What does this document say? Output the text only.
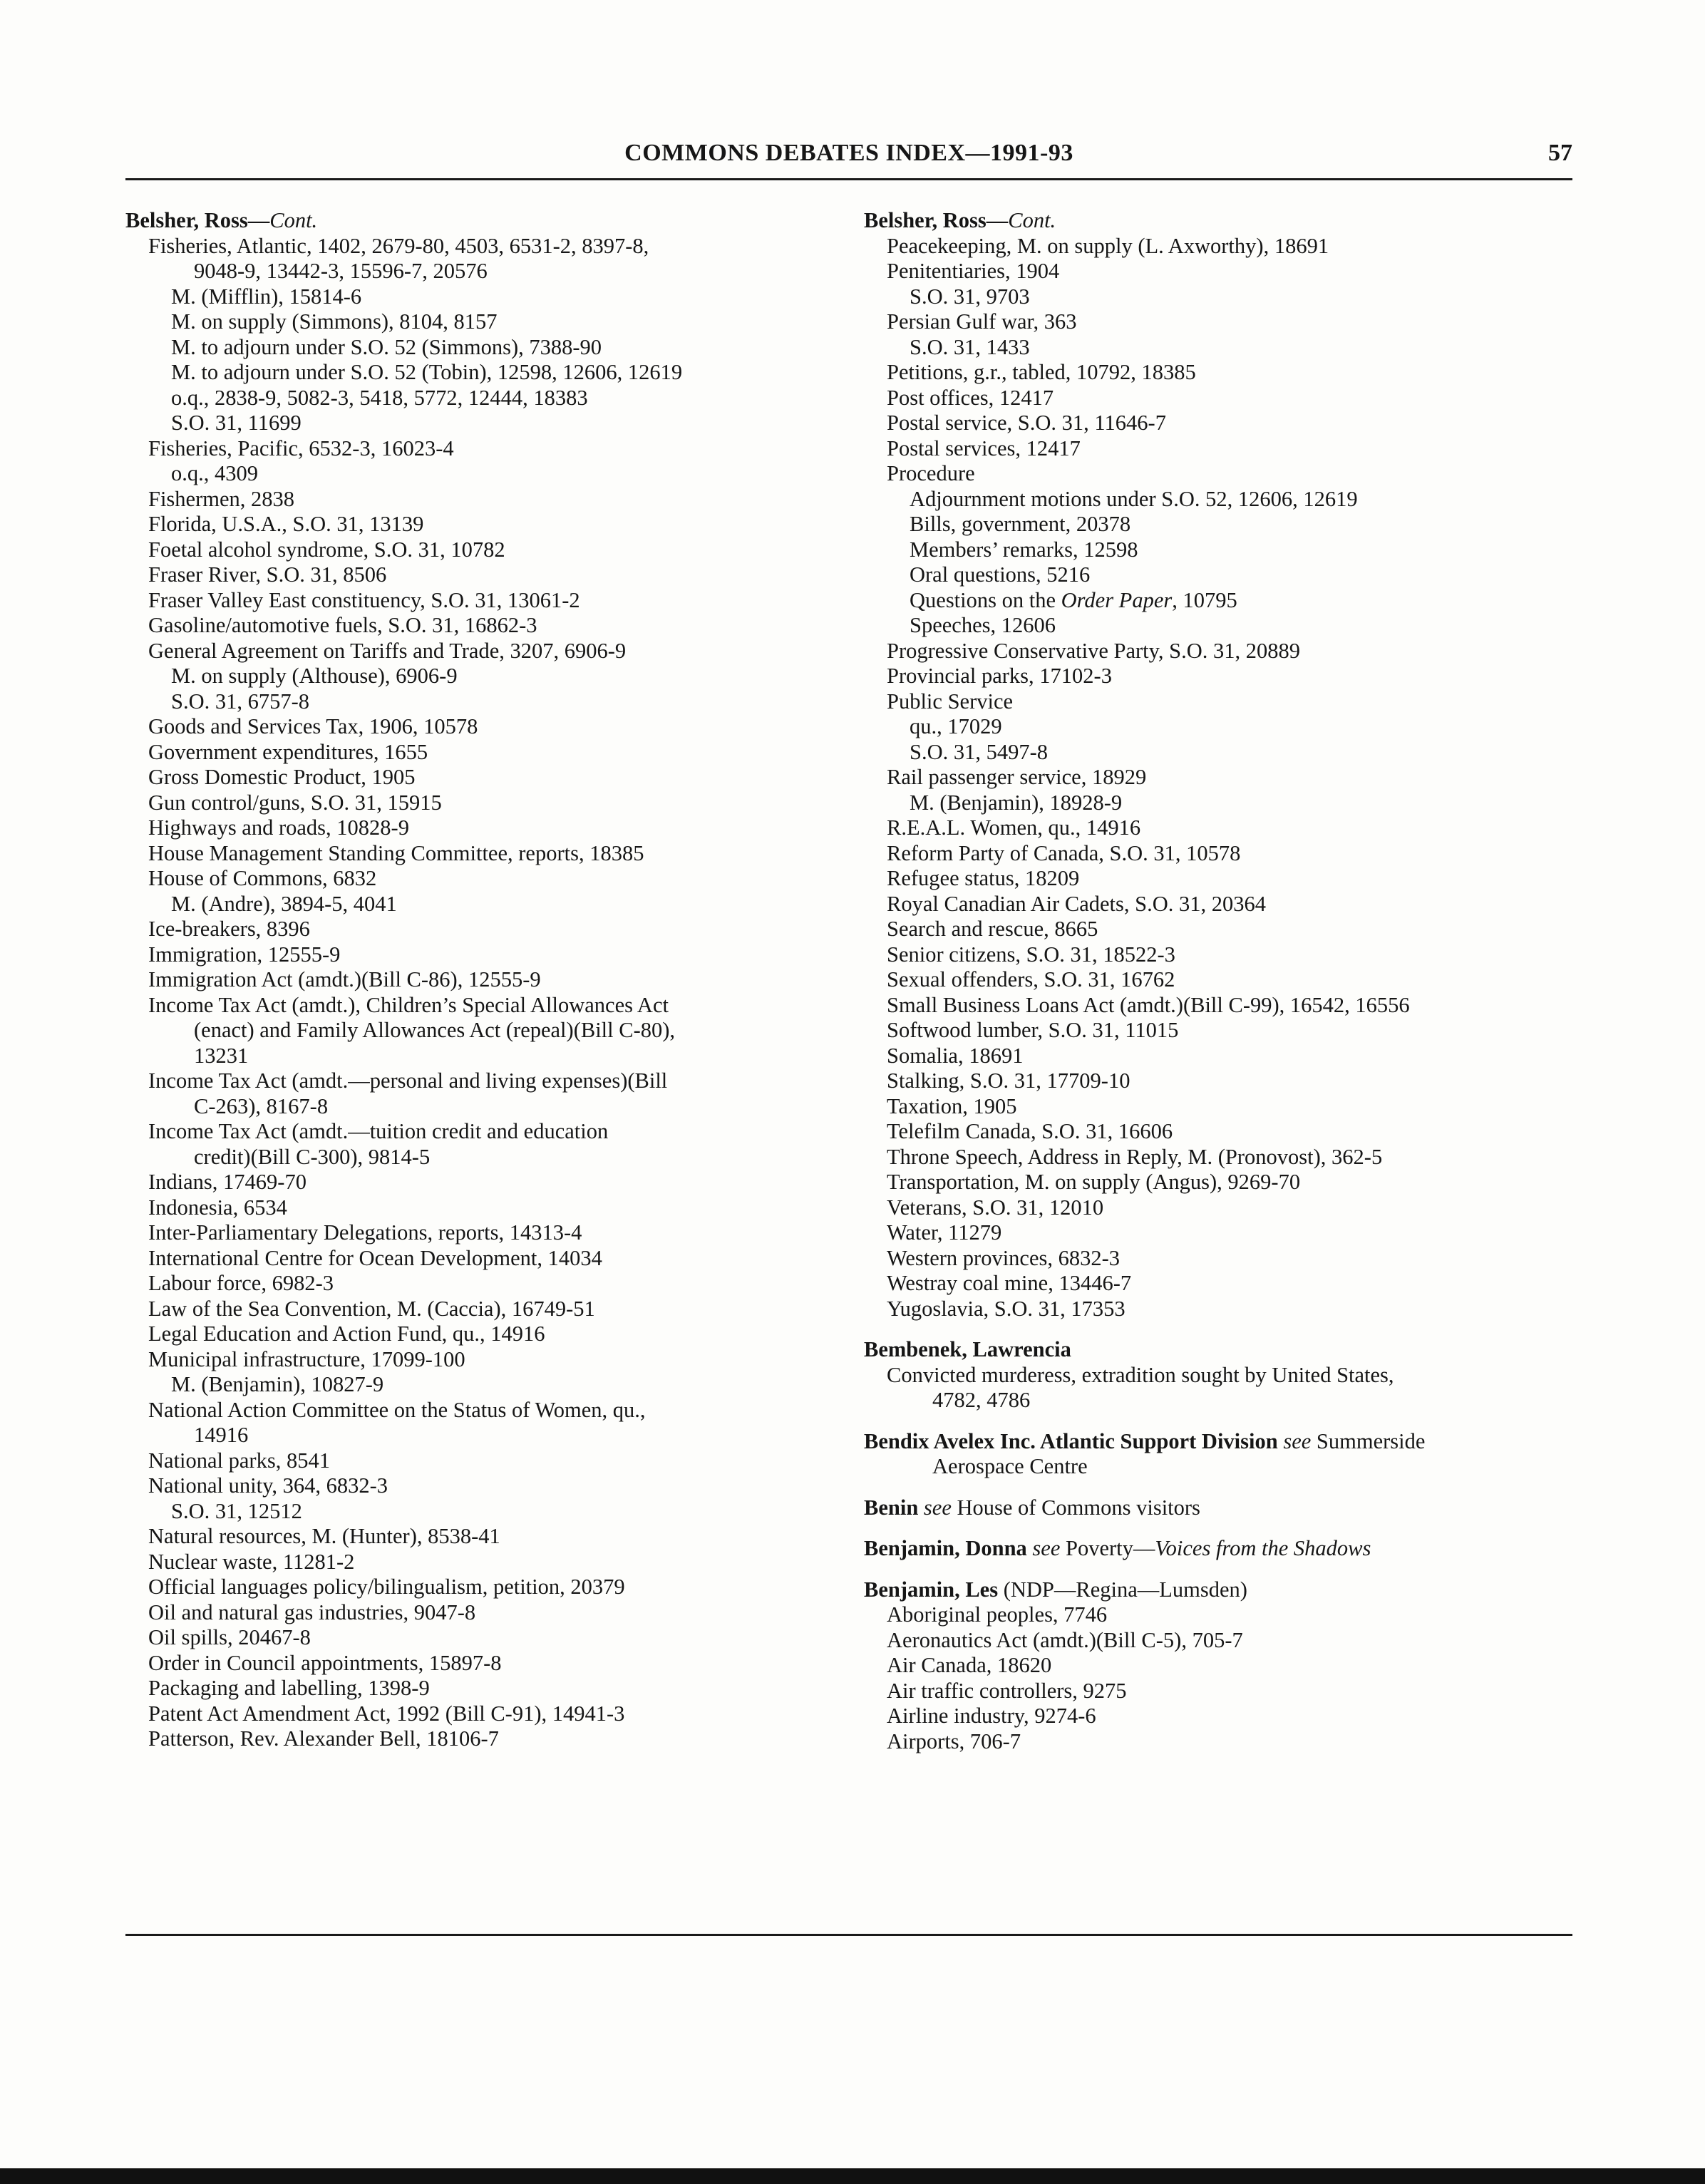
COMMONS DEBATES INDEX—1991-93	57
Belsher, Ross—Cont.
Fisheries, Atlantic, 1402, 2679-80, 4503, 6531-2, 8397-8,
9048-9, 13442-3, 15596-7, 20576
M. (Mifflin), 15814-6
M. on supply (Simmons), 8104, 8157
M. to adjourn under S.O. 52 (Simmons), 7388-90
M. to adjourn under S.O. 52 (Tobin), 12598, 12606, 12619
o.q., 2838-9, 5082-3, 5418, 5772, 12444, 18383
S.O. 31, 11699
Fisheries, Pacific, 6532-3, 16023-4
o.q., 4309
Fishermen, 2838
Florida, U.S.A., S.O. 31, 13139
Foetal alcohol syndrome, S.O. 31, 10782
Fraser River, S.O. 31, 8506
Fraser Valley East constituency, S.O. 31, 13061-2
Gasoline/automotive fuels, S.O. 31, 16862-3
General Agreement on Tariffs and Trade, 3207, 6906-9
M. on supply (Althouse), 6906-9
S.O. 31, 6757-8
Goods and Services Tax, 1906, 10578
Government expenditures, 1655
Gross Domestic Product, 1905
Gun control/guns, S.O. 31, 15915
Highways and roads, 10828-9
House Management Standing Committee, reports, 18385
House of Commons, 6832
M. (Andre), 3894-5, 4041
Ice-breakers, 8396
Immigration, 12555-9
Immigration Act (amdt.)(Bill C-86), 12555-9
Income Tax Act (amdt.), Children’s Special Allowances Act
(enact) and Family Allowances Act (repeal)(Bill C-80),
13231
Income Tax Act (amdt.—personal and living expenses)(Bill
C-263), 8167-8
Income Tax Act (amdt.—tuition credit and education
credit)(Bill C-300), 9814-5
Indians, 17469-70
Indonesia, 6534
Inter-Parliamentary Delegations, reports, 14313-4
International Centre for Ocean Development, 14034
Labour force, 6982-3
Law of the Sea Convention, M. (Caccia), 16749-51
Legal Education and Action Fund, qu., 14916
Municipal infrastructure, 17099-100
M. (Benjamin), 10827-9
National Action Committee on the Status of Women, qu.,
14916
National parks, 8541
National unity, 364, 6832-3
S.O. 31, 12512
Natural resources, M. (Hunter), 8538-41
Nuclear waste, 11281-2
Official languages policy/bilingualism, petition, 20379
Oil and natural gas industries, 9047-8
Oil spills, 20467-8
Order in Council appointments, 15897-8
Packaging and labelling, 1398-9
Patent Act Amendment Act, 1992 (Bill C-91), 14941-3
Patterson, Rev. Alexander Bell, 18106-7
Belsher, Ross—Cont.
Peacekeeping, M. on supply (L. Axworthy), 18691
Penitentiaries, 1904
S.O. 31, 9703
Persian Gulf war, 363
S.O. 31, 1433
Petitions, g.r., tabled, 10792, 18385
Post offices, 12417
Postal service, S.O. 31, 11646-7
Postal services, 12417
Procedure
Adjournment motions under S.O. 52, 12606, 12619
Bills, government, 20378
Members’ remarks, 12598
Oral questions, 5216
Questions on the Order Paper, 10795
Speeches, 12606
Progressive Conservative Party, S.O. 31, 20889
Provincial parks, 17102-3
Public Service
qu., 17029
S.O. 31, 5497-8
Rail passenger service, 18929
M. (Benjamin), 18928-9
R.E.A.L. Women, qu., 14916
Reform Party of Canada, S.O. 31, 10578
Refugee status, 18209
Royal Canadian Air Cadets, S.O. 31, 20364
Search and rescue, 8665
Senior citizens, S.O. 31, 18522-3
Sexual offenders, S.O. 31, 16762
Small Business Loans Act (amdt.)(Bill C-99), 16542, 16556
Softwood lumber, S.O. 31, 11015
Somalia, 18691
Stalking, S.O. 31, 17709-10
Taxation, 1905
Telefilm Canada, S.O. 31, 16606
Throne Speech, Address in Reply, M. (Pronovost), 362-5
Transportation, M. on supply (Angus), 9269-70
Veterans, S.O. 31, 12010
Water, 11279
Western provinces, 6832-3
Westray coal mine, 13446-7
Yugoslavia, S.O. 31, 17353
Bembenek, Lawrencia
Convicted murderess, extradition sought by United States,
4782, 4786
Bendix Avelex Inc. Atlantic Support Division see Summerside
Aerospace Centre
Benin see House of Commons visitors
Benjamin, Donna see Poverty—Voices from the Shadows
Benjamin, Les (NDP—Regina—Lumsden)
Aboriginal peoples, 7746
Aeronautics Act (amdt.)(Bill C-5), 705-7
Air Canada, 18620
Air traffic controllers, 9275
Airline industry, 9274-6
Airports, 706-7
